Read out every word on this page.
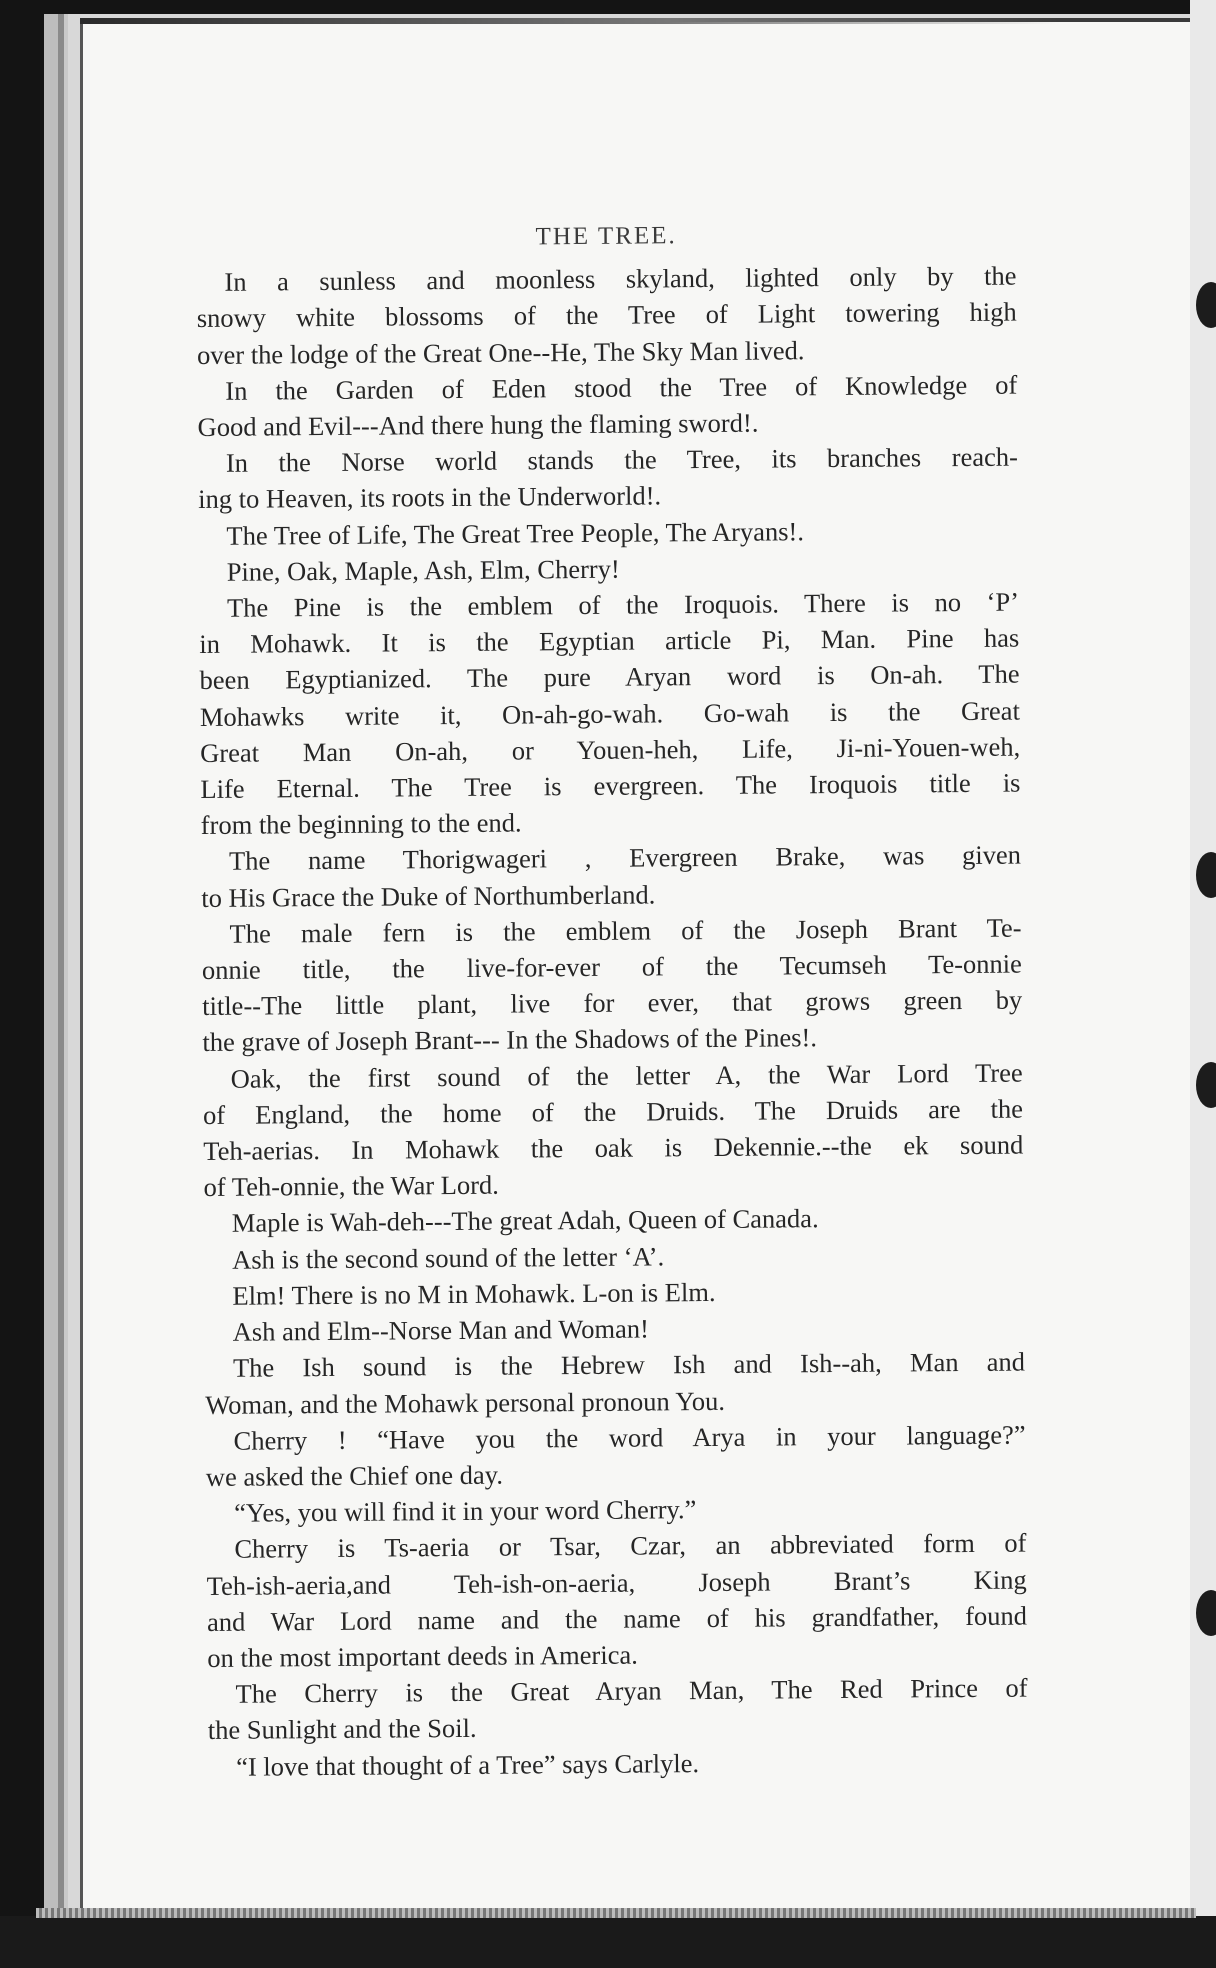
THE TREE.

In a sunless and moonless skyland, lighted only by the
snowy white blossoms of the Tree of Light towering high
over the lodge of the Great One--He, The Sky Man lived.

In the Garden of Eden stood the Tree of Knowledge of
Good and Evil---And there hung the flaming sword!.

In the Norse world stands the Tree, its branches reach-
ing to Heaven, its roots in the Underworld!.

The Tree of Life, The Great Tree People, The Aryans!.

Pine, Oak, Maple, Ash, Elm, Cherry!

The Pine is the emblem of the Iroquois. There is no ‘P’
in Mohawk. It is the Egyptian article Pi, Man. Pine has
been Egyptianized. The pure Aryan word is On-ah. The
Mohawks write it, On-ah-go-wah. Go-wah is the Great
Great Man On-ah, or Youen-heh, Life, Ji-ni-Youen-weh,
Life Eternal. The Tree is evergreen. The Iroquois title is
from the beginning to the end.

The name Thorigwageri , Evergreen Brake, was given
to His Grace the Duke of Northumberland.

The male fern is the emblem of the Joseph Brant Te-
onnie title, the live-for-ever of the Tecumseh Te-onnie
title--The little plant, live for ever, that grows green by
the grave of Joseph Brant--- In the Shadows of the Pines!.

Oak, the first sound of the letter A, the War Lord Tree
of England, the home of the Druids. The Druids are the
Teh-aerias. In Mohawk the oak is Dekennie.--the ek sound
of Teh-onnie, the War Lord.

Maple is Wah-deh---The great Adah, Queen of Canada.

Ash is the second sound of the letter ‘A’.

Elm! There is no M in Mohawk. L-on is Elm.

Ash and Elm--Norse Man and Woman!

The Ish sound is the Hebrew Ish and Ish--ah, Man and
Woman, and the Mohawk personal pronoun You.

Cherry ! “Have you the word Arya in your language?”
we asked the Chief one day.

“Yes, you will find it in your word Cherry.”

Cherry is Ts-aeria or Tsar, Czar, an abbreviated form of
Teh-ish-aeria,and Teh-ish-on-aeria, Joseph Brant’s King
and War Lord name and the name of his grandfather, found
on the most important deeds in America.

The Cherry is the Great Aryan Man, The Red Prince of
the Sunlight and the Soil.

“I love that thought of a Tree” says Carlyle.
